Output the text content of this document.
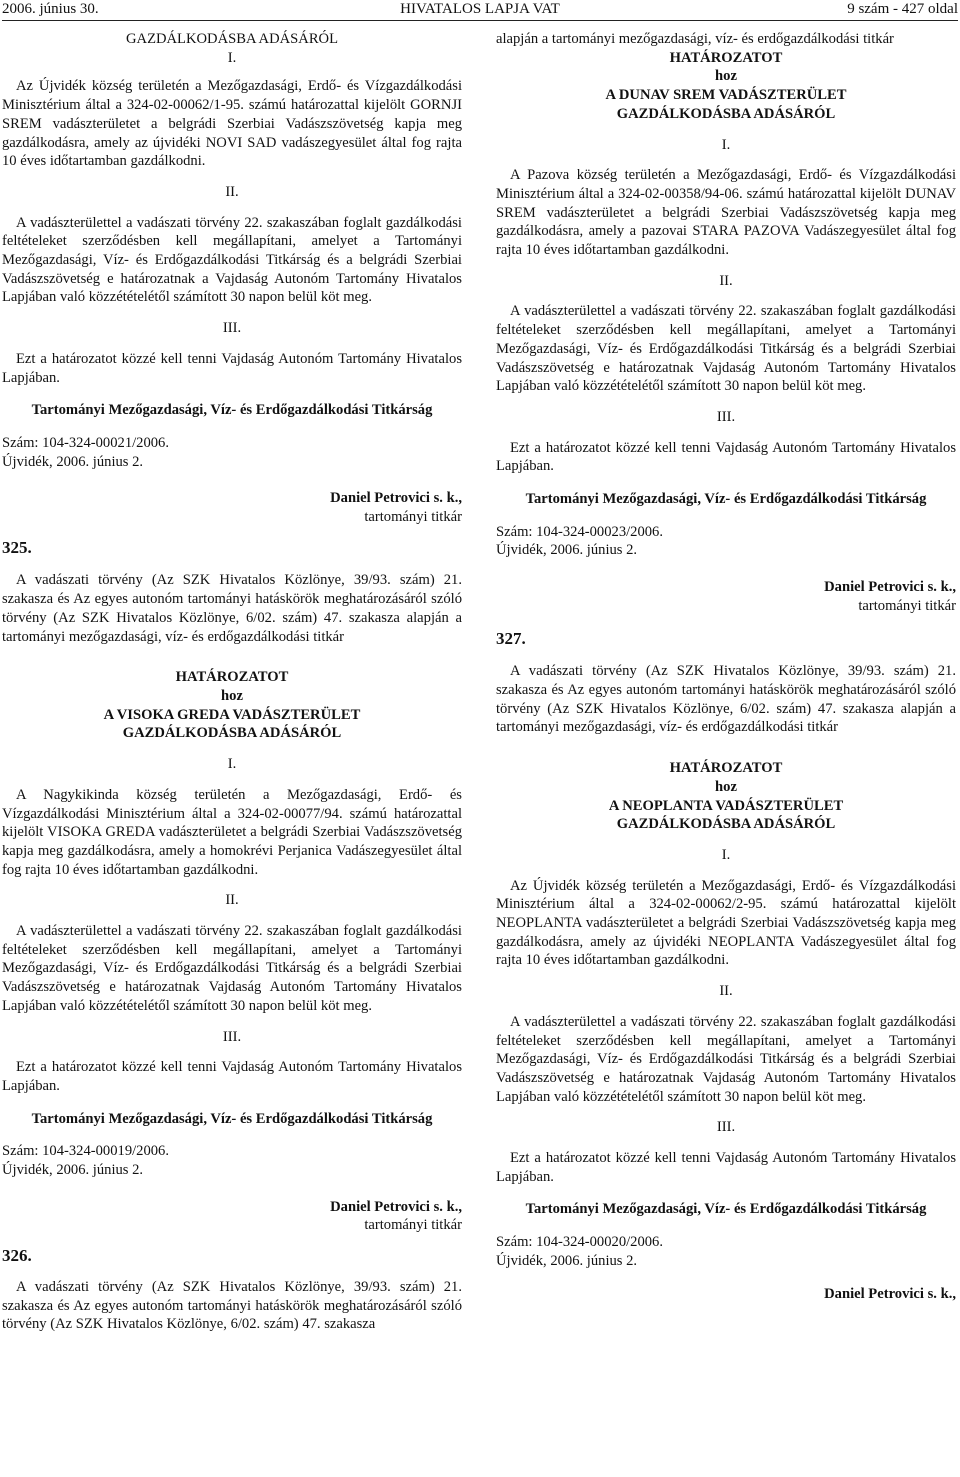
2006. június 30.	HIVATALOS LAPJA VAT	9 szám - 427 oldal

GAZDÁLKODÁSBA ADÁSÁRÓL

I.

Az Újvidék község területén a Mezőgazdasági, Erdő- és Vízgazdálkodási Minisztérium által a 324-02-00062/1-95. számú határozattal kijelölt GORNJI SREM vadászterületet a belgrádi Szerbiai Vadászszövetség kapja meg gazdálkodásra, amely az újvidéki NOVI SAD vadászegyesület által fog rajta 10 éves időtartamban gazdálkodni.

II.

A vadászterülettel a vadászati törvény 22. szakaszában foglalt gazdálkodási feltételeket szerződésben kell megállapítani, amelyet a Tartományi Mezőgazdasági, Víz- és Erdőgazdálkodási Titkárság és a belgrádi Szerbiai Vadászszövetség e határozatnak a Vajdaság Autonóm Tartomány Hivatalos Lapjában való közzétételétől számított 30 napon belül köt meg.

III.

Ezt a határozatot közzé kell tenni Vajdaság Autonóm Tartomány Hivatalos Lapjában.

Tartományi Mezőgazdasági, Víz- és Erdőgazdálkodási Titkárság

Szám: 104-324-00021/2006.

Újvidék, 2006. június 2.

Daniel Petrovici s. k.,

tartományi titkár

325.

A vadászati törvény (Az SZK Hivatalos Közlönye, 39/93. szám) 21. szakasza és Az egyes autonóm tartományi hatáskörök meghatározásáról szóló törvény (Az SZK Hivatalos Közlönye, 6/02. szám) 47. szakasza alapján a tartományi mezőgazdasági, víz- és erdőgazdálkodási titkár

HATÁROZATOT

hoz

A VISOKA GREDA VADÁSZTERÜLET

GAZDÁLKODÁSBA ADÁSÁRÓL

I.

A Nagykikinda község területén a Mezőgazdasági, Erdő- és Vízgazdálkodási Minisztérium által a 324-02-00077/94. számú határozattal kijelölt VISOKA GREDA vadászterületet a belgrádi Szerbiai Vadászszövetség kapja meg gazdálkodásra, amely a homokrévi Perjanica Vadászegyesület által fog rajta 10 éves időtartamban gazdálkodni.

II.

A vadászterülettel a vadászati törvény 22. szakaszában foglalt gazdálkodási feltételeket szerződésben kell megállapítani, amelyet a Tartományi Mezőgazdasági, Víz- és Erdőgazdálkodási Titkárság és a belgrádi Szerbiai Vadászszövetség e határozatnak Vajdaság Autonóm Tartomány Hivatalos Lapjában való közzétételétől számított 30 napon belül köt meg.

III.

Ezt a határozatot közzé kell tenni Vajdaság Autonóm Tartomány Hivatalos Lapjában.

Tartományi Mezőgazdasági, Víz- és Erdőgazdálkodási Titkárság

Szám: 104-324-00019/2006.

Újvidék, 2006. június 2.

Daniel Petrovici s. k.,

tartományi titkár

326.

A vadászati törvény (Az SZK Hivatalos Közlönye, 39/93. szám) 21. szakasza és Az egyes autonóm tartományi hatáskörök meghatározásáról szóló törvény (Az SZK Hivatalos Közlönye, 6/02. szám) 47. szakasza

alapján a tartományi mezőgazdasági, víz- és erdőgazdálkodási titkár

HATÁROZATOT

hoz

A DUNAV SREM VADÁSZTERÜLET

GAZDÁLKODÁSBA ADÁSÁRÓL

I.

A Pazova község területén a Mezőgazdasági, Erdő- és Vízgazdálkodási Minisztérium által a 324-02-00358/94-06. számú határozattal kijelölt DUNAV SREM vadászterületet a belgrádi Szerbiai Vadászszövetség kapja meg gazdálkodásra, amely a pazovai STARA PAZOVA Vadászegyesület által fog rajta 10 éves időtartamban gazdálkodni.

II.

A vadászterülettel a vadászati törvény 22. szakaszában foglalt gazdálkodási feltételeket szerződésben kell megállapítani, amelyet a Tartományi Mezőgazdasági, Víz- és Erdőgazdálkodási Titkárság és a belgrádi Szerbiai Vadászszövetség e határozatnak Vajdaság Autonóm Tartomány Hivatalos Lapjában való közzétételétől számított 30 napon belül köt meg.

III.

Ezt a határozatot közzé kell tenni Vajdaság Autonóm Tartomány Hivatalos Lapjában.

Tartományi Mezőgazdasági, Víz- és Erdőgazdálkodási Titkárság

Szám: 104-324-00023/2006.

Újvidék, 2006. június 2.

Daniel Petrovici s. k.,

tartományi titkár

327.

A vadászati törvény (Az SZK Hivatalos Közlönye, 39/93. szám) 21. szakasza és Az egyes autonóm tartományi hatáskörök meghatározásáról szóló törvény (Az SZK Hivatalos Közlönye, 6/02. szám) 47. szakasza alapján a tartományi mezőgazdasági, víz- és erdőgazdálkodási titkár

HATÁROZATOT

hoz

A NEOPLANTA VADÁSZTERÜLET

GAZDÁLKODÁSBA ADÁSÁRÓL

I.

Az Újvidék község területén a Mezőgazdasági, Erdő- és Vízgazdálkodási Minisztérium által a 324-02-00062/2-95. számú határozattal kijelölt NEOPLANTA vadászterületet a belgrádi Szerbiai Vadászszövetség kapja meg gazdálkodásra, amely az újvidéki NEOPLANTA Vadászegyesület által fog rajta 10 éves időtartamban gazdálkodni.

II.

A vadászterülettel a vadászati törvény 22. szakaszában foglalt gazdálkodási feltételeket szerződésben kell megállapítani, amelyet a Tartományi Mezőgazdasági, Víz- és Erdőgazdálkodási Titkárság és a belgrádi Szerbiai Vadászszövetség e határozatnak Vajdaság Autonóm Tartomány Hivatalos Lapjában való közzétételétől számított 30 napon belül köt meg.

III.

Ezt a határozatot közzé kell tenni Vajdaság Autonóm Tartomány Hivatalos Lapjában.

Tartományi Mezőgazdasági, Víz- és Erdőgazdálkodási Titkárság

Szám: 104-324-00020/2006.

Újvidék, 2006. június 2.

Daniel Petrovici s. k.,
